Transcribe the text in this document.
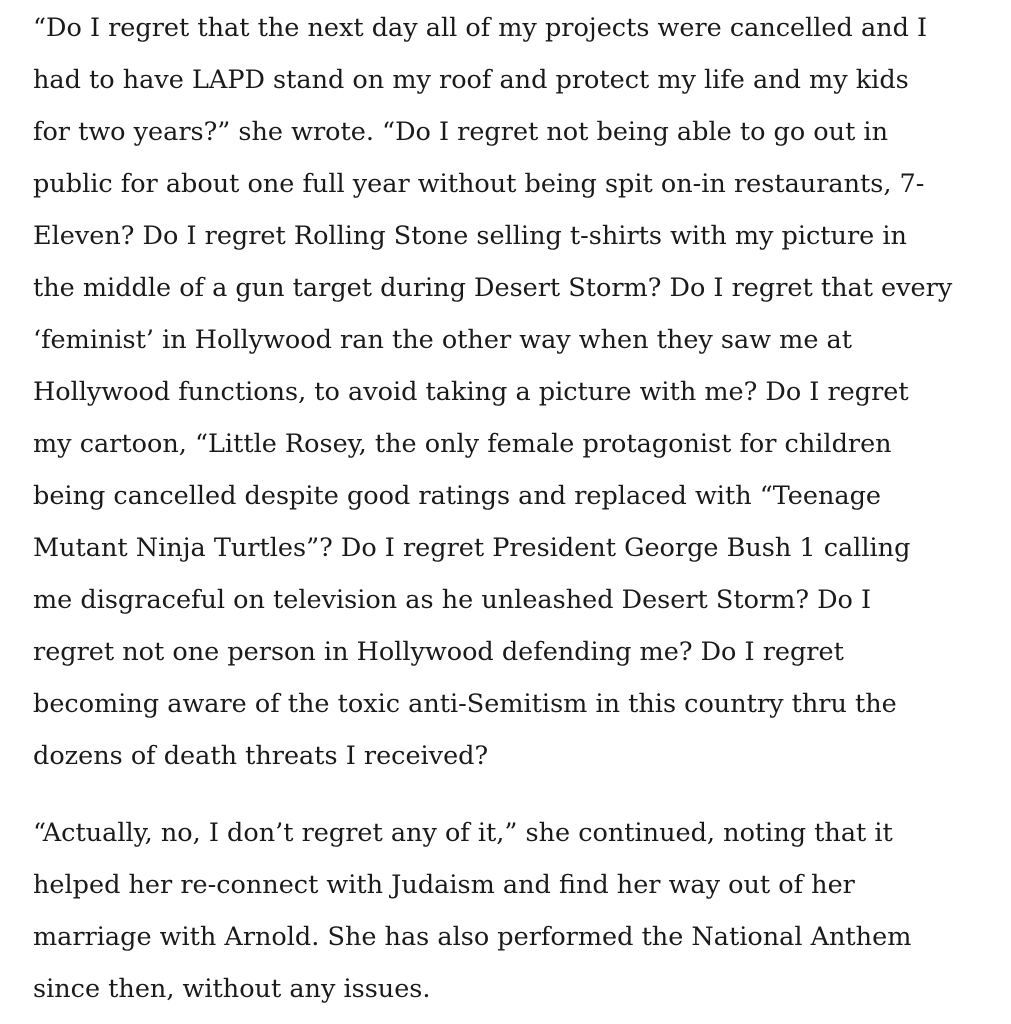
“Do I regret that the next day all of my projects were cancelled and I
had to have LAPD stand on my roof and protect my life and my kids
for two years?” she wrote. “Do I regret not being able to go out in
public for about one full year without being spit on-in restaurants, 7-
Eleven? Do I regret Rolling Stone selling t-shirts with my picture in
the middle of a gun target during Desert Storm? Do I regret that every
‘feminist’ in Hollywood ran the other way when they saw me at
Hollywood functions, to avoid taking a picture with me? Do I regret
my cartoon, “Little Rosey, the only female protagonist for children
being cancelled despite good ratings and replaced with “Teenage
Mutant Ninja Turtles”? Do I regret President George Bush 1 calling
me disgraceful on television as he unleashed Desert Storm? Do I
regret not one person in Hollywood defending me? Do I regret
becoming aware of the toxic anti-Semitism in this country thru the
dozens of death threats I received?
“Actually, no, I don’t regret any of it,” she continued, noting that it
helped her re-connect with Judaism and find her way out of her
marriage with Arnold. She has also performed the National Anthem
since then, without any issues.
